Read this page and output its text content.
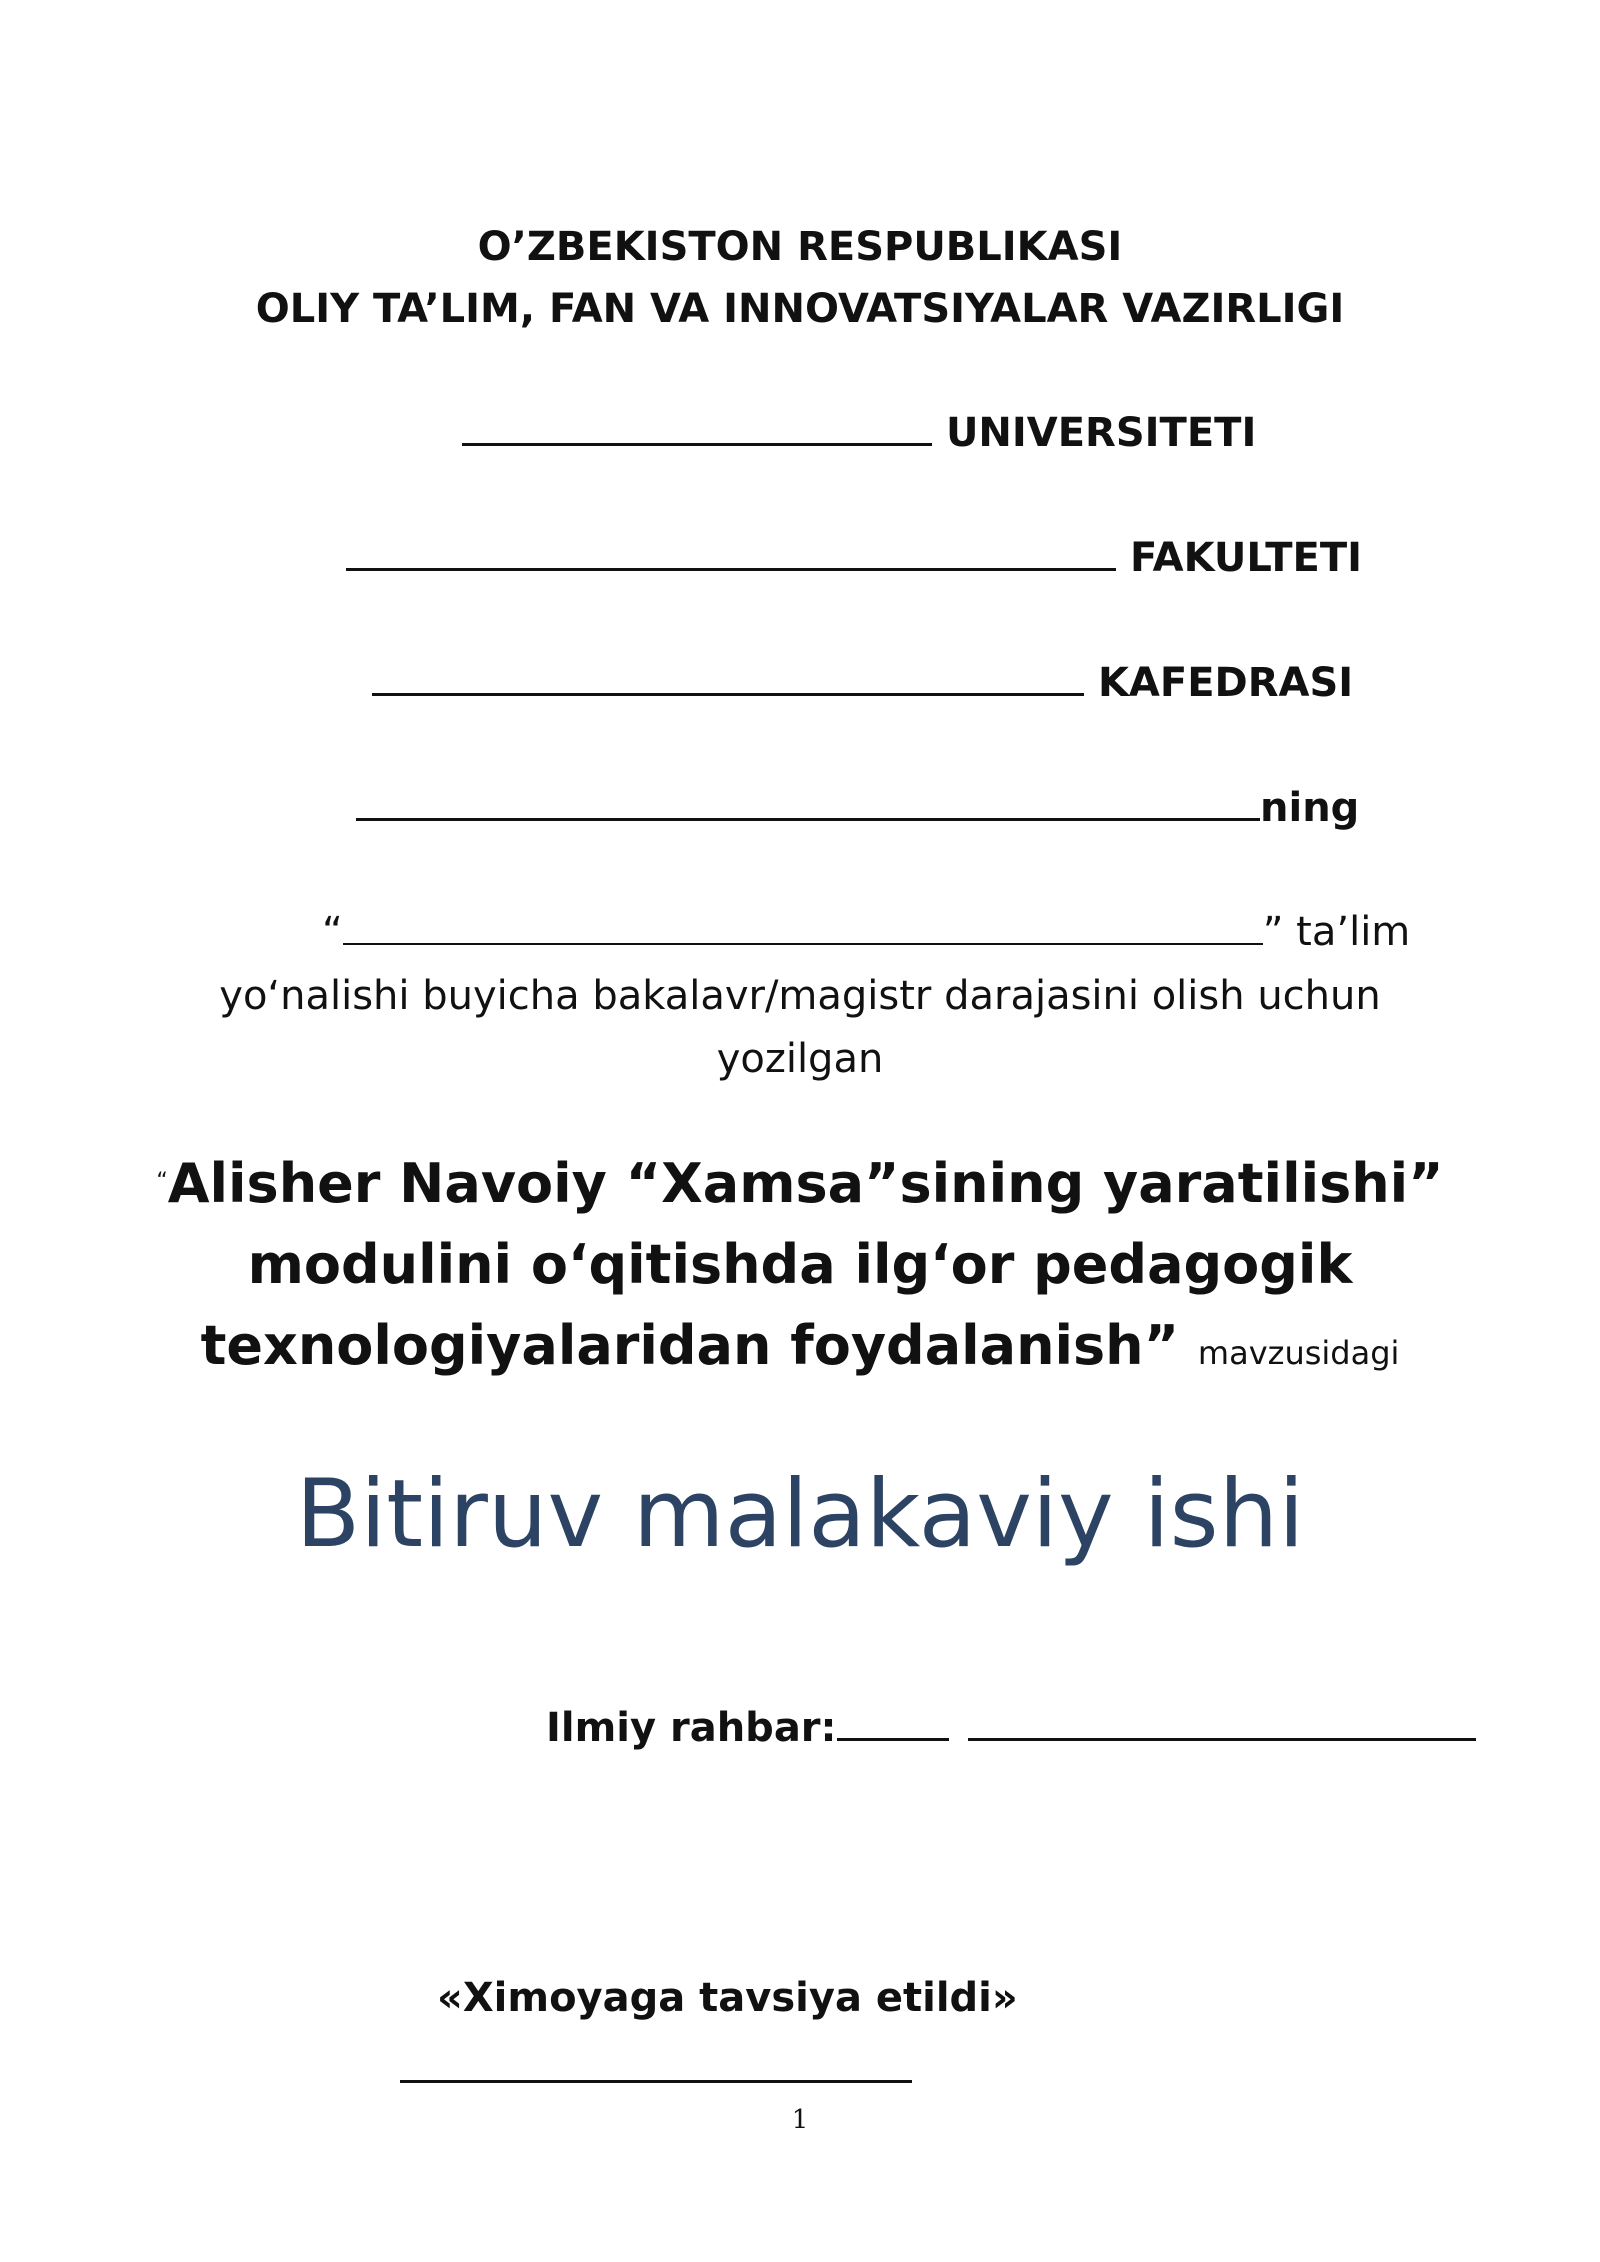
O’ZBEKISTON RESPUBLIKASI
OLIY TA’LIM, FAN VA INNOVATSIYALAR VAZIRLIGI
UNIVERSITETI
FAKULTETI
KAFEDRASI
ning
“	” ta’lim
yo‘nalishi buyicha bakalavr/magistr darajasini olish uchun
yozilgan
“Alisher Navoiy “Xamsa”sining yaratilishi”
modulini o‘qitishda ilg‘or pedagogik
texnologiyalaridan foydalanish” mavzusidagi
Bitiruv malakaviy ishi
Ilmiy rahbar:
«Ximoyaga tavsiya etildi»
1
